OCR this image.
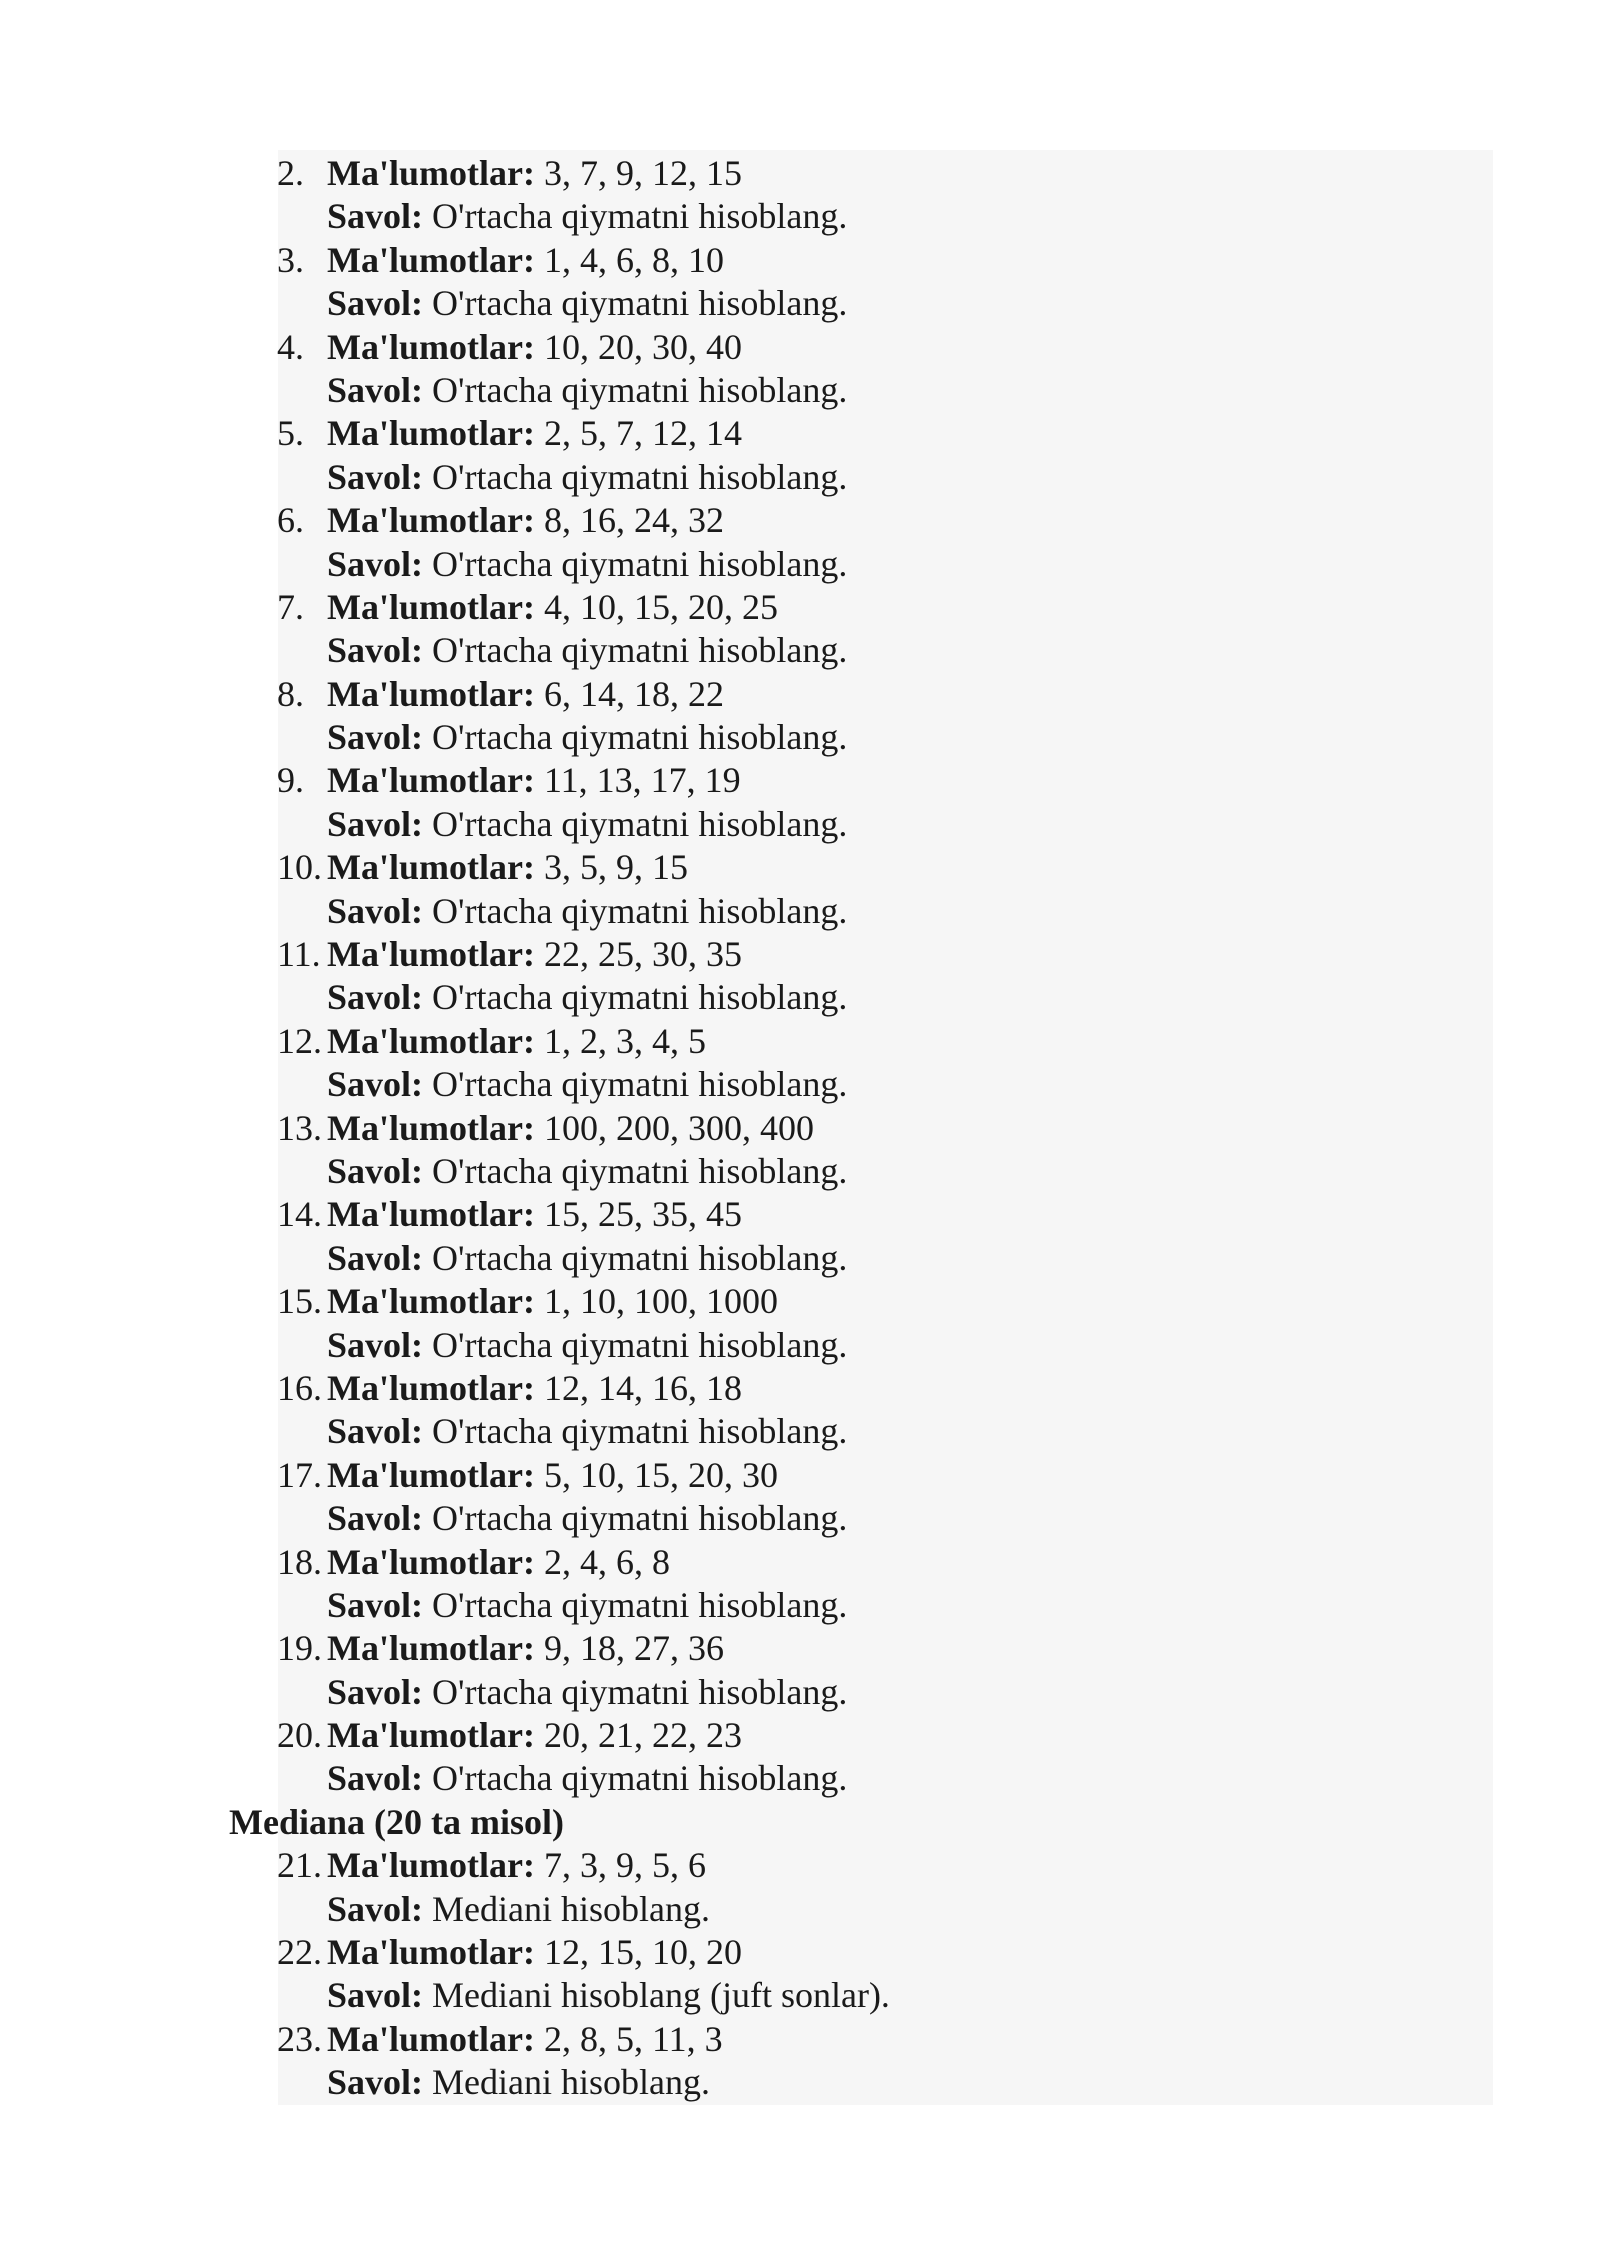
2. Ma'lumotlar: 3, 7, 9, 12, 15
Savol: O'rtacha qiymatni hisoblang.
3. Ma'lumotlar: 1, 4, 6, 8, 10
Savol: O'rtacha qiymatni hisoblang.
4. Ma'lumotlar: 10, 20, 30, 40
Savol: O'rtacha qiymatni hisoblang.
5. Ma'lumotlar: 2, 5, 7, 12, 14
Savol: O'rtacha qiymatni hisoblang.
6. Ma'lumotlar: 8, 16, 24, 32
Savol: O'rtacha qiymatni hisoblang.
7. Ma'lumotlar: 4, 10, 15, 20, 25
Savol: O'rtacha qiymatni hisoblang.
8. Ma'lumotlar: 6, 14, 18, 22
Savol: O'rtacha qiymatni hisoblang.
9. Ma'lumotlar: 11, 13, 17, 19
Savol: O'rtacha qiymatni hisoblang.
10. Ma'lumotlar: 3, 5, 9, 15
Savol: O'rtacha qiymatni hisoblang.
11. Ma'lumotlar: 22, 25, 30, 35
Savol: O'rtacha qiymatni hisoblang.
12. Ma'lumotlar: 1, 2, 3, 4, 5
Savol: O'rtacha qiymatni hisoblang.
13. Ma'lumotlar: 100, 200, 300, 400
Savol: O'rtacha qiymatni hisoblang.
14. Ma'lumotlar: 15, 25, 35, 45
Savol: O'rtacha qiymatni hisoblang.
15. Ma'lumotlar: 1, 10, 100, 1000
Savol: O'rtacha qiymatni hisoblang.
16. Ma'lumotlar: 12, 14, 16, 18
Savol: O'rtacha qiymatni hisoblang.
17. Ma'lumotlar: 5, 10, 15, 20, 30
Savol: O'rtacha qiymatni hisoblang.
18. Ma'lumotlar: 2, 4, 6, 8
Savol: O'rtacha qiymatni hisoblang.
19. Ma'lumotlar: 9, 18, 27, 36
Savol: O'rtacha qiymatni hisoblang.
20. Ma'lumotlar: 20, 21, 22, 23
Savol: O'rtacha qiymatni hisoblang.
Mediana (20 ta misol)
21. Ma'lumotlar: 7, 3, 9, 5, 6
Savol: Mediani hisoblang.
22. Ma'lumotlar: 12, 15, 10, 20
Savol: Mediani hisoblang (juft sonlar).
23. Ma'lumotlar: 2, 8, 5, 11, 3
Savol: Mediani hisoblang.
